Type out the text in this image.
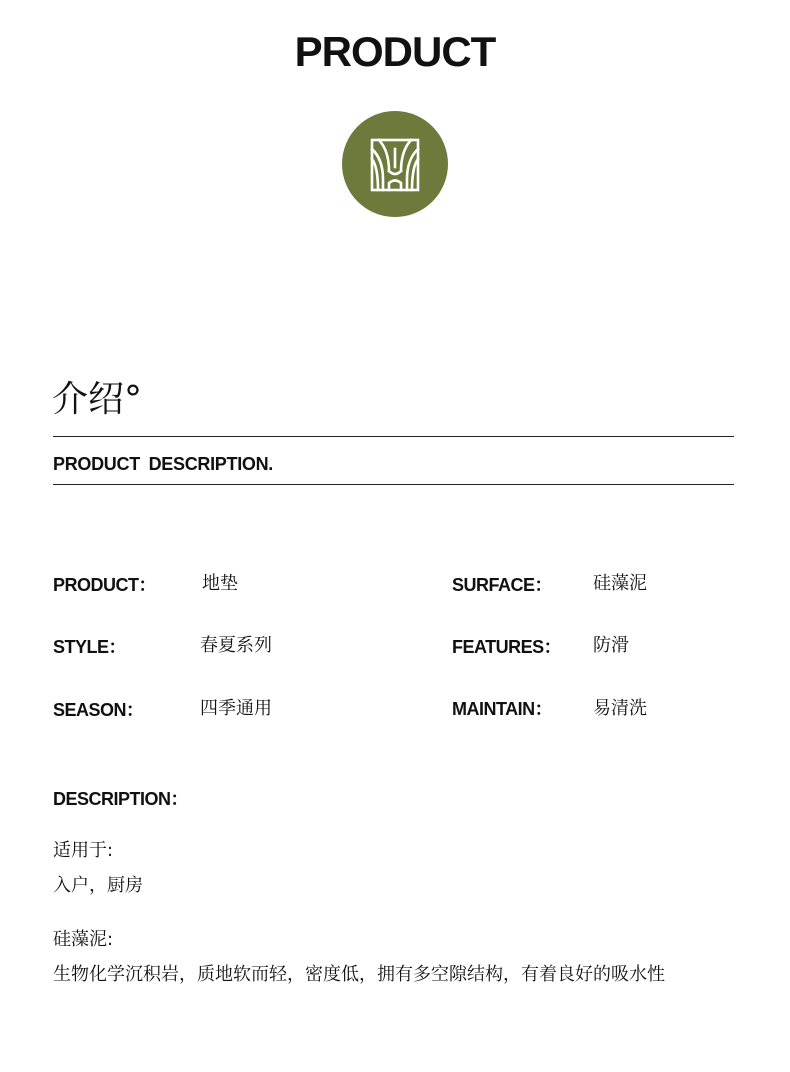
PRODUCT
介绍°
PRODUCT DESCRIPTION.
PRODUCT：	地垫	SURFACE： 硅藻泥
STYLE：	春夏系列	FEATURES： 防滑
SEASON：	四季通用	MAINTAIN： 易清洗
DESCRIPTION：
适用于:
入户，厨房
硅藻泥:
生物化学沉积岩，质地软而轻，密度低，拥有多空隙结构，有着良好的吸水性
